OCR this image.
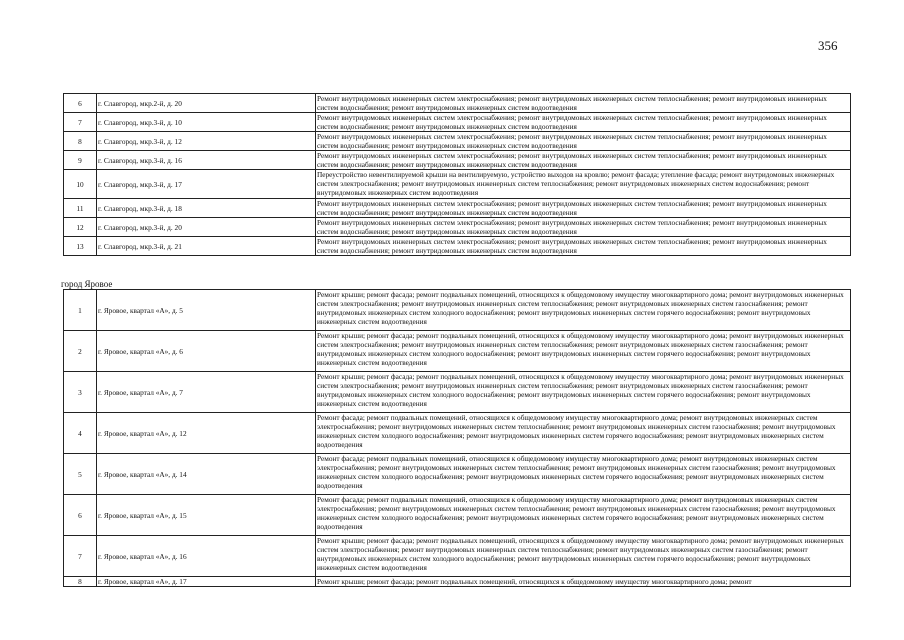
356
6	г. Славгород, мкр.2-й, д. 20	Ремонт внутридомовых инженерных систем электроснабжения; ремонт внутридомовых инженерных систем теплоснабжения; ремонт внутридомовых инженерных систем водоснабжения; ремонт внутридомовых инженерных систем водоотведения
7	г. Славгород, мкр.3-й, д. 10	Ремонт внутридомовых инженерных систем электроснабжения; ремонт внутридомовых инженерных систем теплоснабжения; ремонт внутридомовых инженерных систем водоснабжения; ремонт внутридомовых инженерных систем водоотведения
8	г. Славгород, мкр.3-й, д. 12	Ремонт внутридомовых инженерных систем электроснабжения; ремонт внутридомовых инженерных систем теплоснабжения; ремонт внутридомовых инженерных систем водоснабжения; ремонт внутридомовых инженерных систем водоотведения
9	г. Славгород, мкр.3-й, д. 16	Ремонт внутридомовых инженерных систем электроснабжения; ремонт внутридомовых инженерных систем теплоснабжения; ремонт внутридомовых инженерных систем водоснабжения; ремонт внутридомовых инженерных систем водоотведения
10	г. Славгород, мкр.3-й, д. 17	Переустройство невентилируемой крыши на вентилируемую, устройство выходов на кровлю; ремонт фасада; утепление фасада; ремонт внутридомовых инженерных систем электроснабжения; ремонт внутридомовых инженерных систем теплоснабжения; ремонт внутридомовых инженерных систем водоснабжения; ремонт внутридомовых инженерных систем водоотведения
11	г. Славгород, мкр.3-й, д. 18	Ремонт внутридомовых инженерных систем электроснабжения; ремонт внутридомовых инженерных систем теплоснабжения; ремонт внутридомовых инженерных систем водоснабжения; ремонт внутридомовых инженерных систем водоотведения
12	г. Славгород, мкр.3-й, д. 20	Ремонт внутридомовых инженерных систем электроснабжения; ремонт внутридомовых инженерных систем теплоснабжения; ремонт внутридомовых инженерных систем водоснабжения; ремонт внутридомовых инженерных систем водоотведения
13	г. Славгород, мкр.3-й, д. 21	Ремонт внутридомовых инженерных систем электроснабжения; ремонт внутридомовых инженерных систем теплоснабжения; ремонт внутридомовых инженерных систем водоснабжения; ремонт внутридомовых инженерных систем водоотведения
город Яровое
1	г. Яровое, квартал «А», д. 5	Ремонт крыши; ремонт фасада; ремонт подвальных помещений, относящихся к общедомовому имуществу многоквартирного дома; ремонт внутридомовых инженерных систем электроснабжения; ремонт внутридомовых инженерных систем теплоснабжения; ремонт внутридомовых инженерных систем газоснабжения; ремонт внутридомовых инженерных систем холодного водоснабжения; ремонт внутридомовых инженерных систем горячего водоснабжения; ремонт внутридомовых инженерных систем водоотведения
2	г. Яровое, квартал «А», д. 6	Ремонт крыши; ремонт фасада; ремонт подвальных помещений, относящихся к общедомовому имуществу многоквартирного дома; ремонт внутридомовых инженерных систем электроснабжения; ремонт внутридомовых инженерных систем теплоснабжения; ремонт внутридомовых инженерных систем газоснабжения; ремонт внутридомовых инженерных систем холодного водоснабжения; ремонт внутридомовых инженерных систем горячего водоснабжения; ремонт внутридомовых инженерных систем водоотведения
3	г. Яровое, квартал «А», д. 7	Ремонт крыши; ремонт фасада; ремонт подвальных помещений, относящихся к общедомовому имуществу многоквартирного дома; ремонт внутридомовых инженерных систем электроснабжения; ремонт внутридомовых инженерных систем теплоснабжения; ремонт внутридомовых инженерных систем газоснабжения; ремонт внутридомовых инженерных систем холодного водоснабжения; ремонт внутридомовых инженерных систем горячего водоснабжения; ремонт внутридомовых инженерных систем водоотведения
4	г. Яровое, квартал «А», д. 12	Ремонт фасада; ремонт подвальных помещений, относящихся к общедомовому имуществу многоквартирного дома; ремонт внутридомовых инженерных систем электроснабжения; ремонт внутридомовых инженерных систем теплоснабжения; ремонт внутридомовых инженерных систем газоснабжения; ремонт внутридомовых инженерных систем холодного водоснабжения; ремонт внутридомовых инженерных систем горячего водоснабжения; ремонт внутридомовых инженерных систем водоотведения
5	г. Яровое, квартал «А», д. 14	Ремонт фасада; ремонт подвальных помещений, относящихся к общедомовому имуществу многоквартирного дома; ремонт внутридомовых инженерных систем электроснабжения; ремонт внутридомовых инженерных систем теплоснабжения; ремонт внутридомовых инженерных систем газоснабжения; ремонт внутридомовых инженерных систем холодного водоснабжения; ремонт внутридомовых инженерных систем горячего водоснабжения; ремонт внутридомовых инженерных систем водоотведения
6	г. Яровое, квартал «А», д. 15	Ремонт фасада; ремонт подвальных помещений, относящихся к общедомовому имуществу многоквартирного дома; ремонт внутридомовых инженерных систем электроснабжения; ремонт внутридомовых инженерных систем теплоснабжения; ремонт внутридомовых инженерных систем газоснабжения; ремонт внутридомовых инженерных систем холодного водоснабжения; ремонт внутридомовых инженерных систем горячего водоснабжения; ремонт внутридомовых инженерных систем водоотведения
7	г. Яровое, квартал «А», д. 16	Ремонт крыши; ремонт фасада; ремонт подвальных помещений, относящихся к общедомовому имуществу многоквартирного дома; ремонт внутридомовых инженерных систем электроснабжения; ремонт внутридомовых инженерных систем теплоснабжения; ремонт внутридомовых инженерных систем газоснабжения; ремонт внутридомовых инженерных систем холодного водоснабжения; ремонт внутридомовых инженерных систем горячего водоснабжения; ремонт внутридомовых инженерных систем водоотведения
8	г. Яровое, квартал «А», д. 17	Ремонт крыши; ремонт фасада; ремонт подвальных помещений, относящихся к общедомовому имуществу многоквартирного дома; ремонт
